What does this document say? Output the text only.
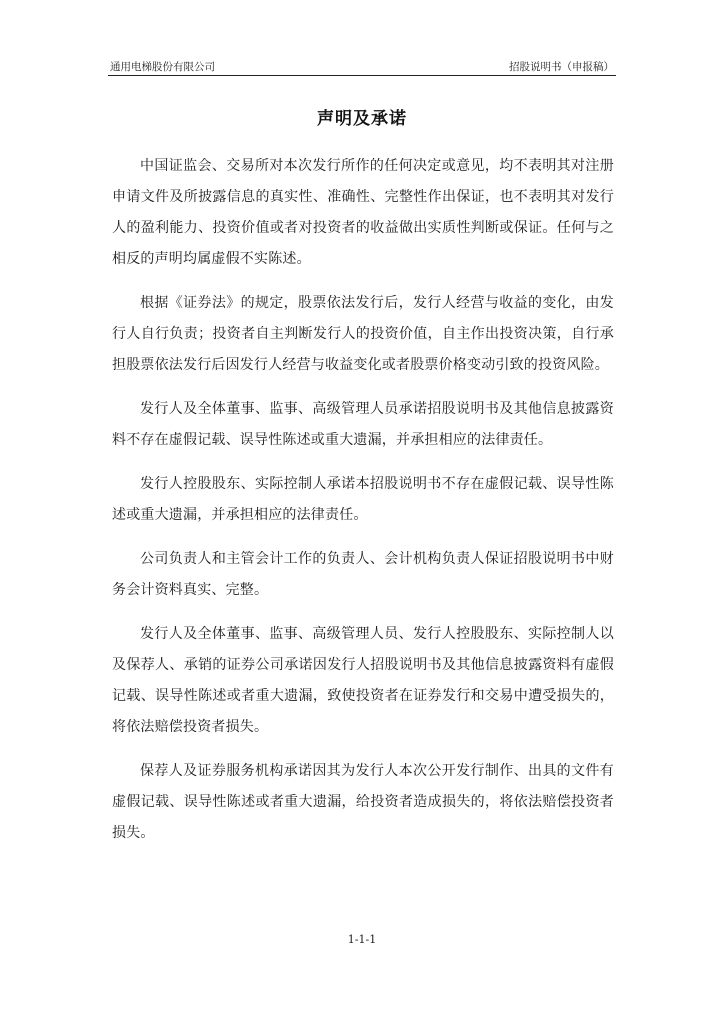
通用电梯股份有限公司	招股说明书（申报稿）
声明及承诺

中国证监会、交易所对本次发行所作的任何决定或意见，均不表明其对注册申请文件及所披露信息的真实性、准确性、完整性作出保证，也不表明其对发行人的盈利能力、投资价值或者对投资者的收益做出实质性判断或保证。任何与之相反的声明均属虚假不实陈述。

根据《证券法》的规定，股票依法发行后，发行人经营与收益的变化，由发行人自行负责；投资者自主判断发行人的投资价值，自主作出投资决策，自行承担股票依法发行后因发行人经营与收益变化或者股票价格变动引致的投资风险。

发行人及全体董事、监事、高级管理人员承诺招股说明书及其他信息披露资料不存在虚假记载、误导性陈述或重大遗漏，并承担相应的法律责任。

发行人控股股东、实际控制人承诺本招股说明书不存在虚假记载、误导性陈述或重大遗漏，并承担相应的法律责任。

公司负责人和主管会计工作的负责人、会计机构负责人保证招股说明书中财务会计资料真实、完整。

发行人及全体董事、监事、高级管理人员、发行人控股股东、实际控制人以及保荐人、承销的证券公司承诺因发行人招股说明书及其他信息披露资料有虚假记载、误导性陈述或者重大遗漏，致使投资者在证券发行和交易中遭受损失的，将依法赔偿投资者损失。

保荐人及证券服务机构承诺因其为发行人本次公开发行制作、出具的文件有虚假记载、误导性陈述或者重大遗漏，给投资者造成损失的，将依法赔偿投资者损失。

1-1-1
